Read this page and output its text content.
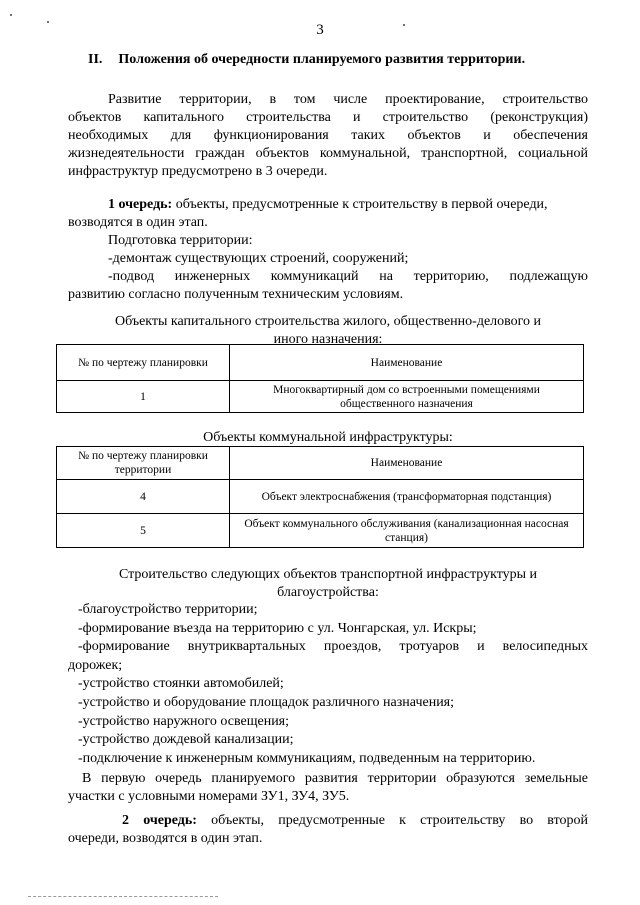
3
II. Положения об очередности планируемого развития территории.
Развитие территории, в том числе проектирование, строительство
объектов капитального строительства и строительство (реконструкция)
необходимых для функционирования таких объектов и обеспечения
жизнедеятельности граждан объектов коммунальной, транспортной, социальной
инфраструктур предусмотрено в 3 очереди.
1 очередь: объекты, предусмотренные к строительству в первой очереди,
возводятся в один этап.
Подготовка территории:
-демонтаж существующих строений, сооружений;
-подвод инженерных коммуникаций на территорию, подлежащую
развитию согласно полученным техническим условиям.
Объекты капитального строительства жилого, общественно-делового и
иного назначения:
№ по чертежу планировки	Наименование
1	Многоквартирный дом со встроенными помещениями общественного назначения
Объекты коммунальной инфраструктуры:
№ по чертежу планировки территории	Наименование
4	Объект электроснабжения (трансформаторная подстанция)
5	Объект коммунального обслуживания (канализационная насосная станция)
Строительство следующих объектов транспортной инфраструктуры и
благоустройства:
-благоустройство территории;
-формирование въезда на территорию с ул. Чонгарская, ул. Искры;
-формирование внутриквартальных проездов, тротуаров и велосипедных
дорожек;
-устройство стоянки автомобилей;
-устройство и оборудование площадок различного назначения;
-устройство наружного освещения;
-устройство дождевой канализации;
-подключение к инженерным коммуникациям, подведенным на территорию.
В первую очередь планируемого развития территории образуются земельные
участки с условными номерами ЗУ1, ЗУ4, ЗУ5.
2 очередь: объекты, предусмотренные к строительству во второй
очереди, возводятся в один этап.
